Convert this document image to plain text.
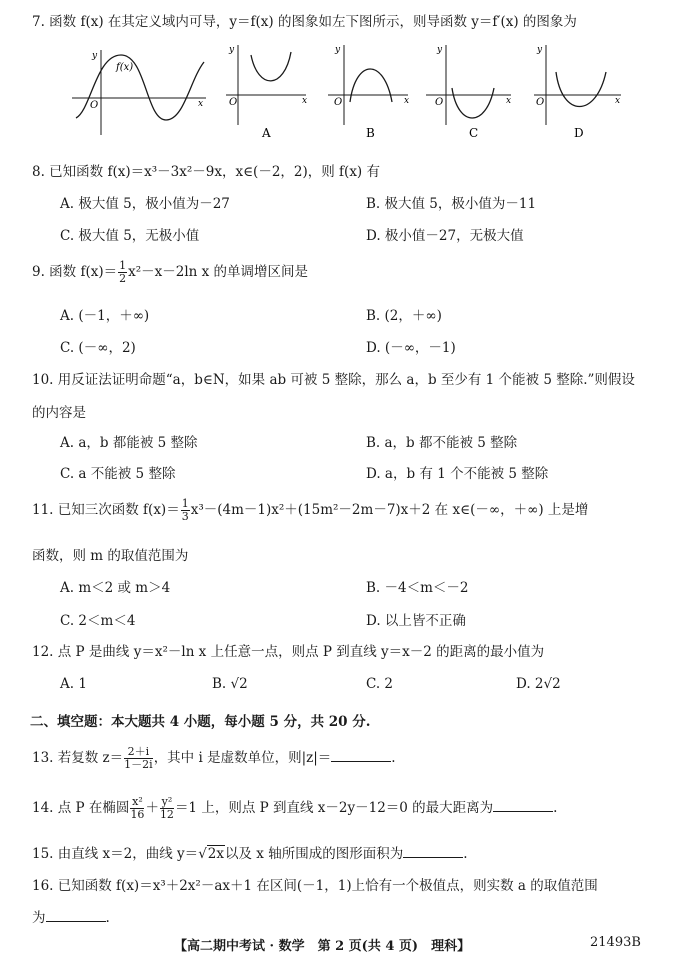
7. 函数 f(x) 在其定义域内可导，y＝f(x) 的图象如左下图所示，则导函数 y＝f′(x) 的图象为
f(x)
y
O	x
y
O	x
A
y
O	x
B
y
O	x
C
y
O	x
D
8. 已知函数 f(x)＝x³－3x²－9x，x∈(－2，2)，则 f(x) 有
A. 极大值 5，极小值为－27	B. 极大值 5，极小值为－11
C. 极大值 5，无极小值	D. 极小值－27，无极大值
9. 函数 $f(x)= \frac{1}{2} x^2-x-2\ln$ x 的单调增区间是
A. (－1，＋∞)	B. (2，＋∞)
C. (－∞，2)	D. (－∞，－1)
10. 用反证法证明命题“a，b∈N，如果 ab 可被 5 整除，那么 a，b 至少有 1 个能被 5 整除.”则假设
的内容是
A. a，b 都能被 5 整除	B. a，b 都不能被 5 整除
C. a 不能被 5 整除	D. a，b 有 1 个不能被 5 整除
11. 已知三次函数 $f(x)= \frac{1}{3} x^3-(4m-1)x^2+(15m^2-2m-7)x+2$ 在 x∈(－∞，＋∞) 上是增
函数，则 m 的取值范围为
A. m＜2 或 m＞4	B. －4＜m＜－2
C. 2＜m＜4	D. 以上皆不正确
12. 点 P 是曲线 y＝x²－ln x 上任意一点，则点 P 到直线 y＝x－2 的距离的最小值为
A. 1	B. √2	C. 2	D. 2√2
二、填空题：本大题共 4 小题，每小题 5 分，共 20 分.
13. 若复数 $z= \frac{2+i}{1-2i}$ ，其中 i 是虚数单位，则|z|＝	.
14. 点 P 在椭圆 $\frac{\text{x²}}{16} + \frac{\text{y²}}{12} =1$ 上，则点 P 到直线 x－2y－12＝0 的最大距离为	.
15. 由直线 x＝2，曲线 y＝√2x以及 x 轴所围成的图形面积为	.
16. 已知函数 f(x)＝x³＋2x²－ax＋1 在区间(－1，1)上恰有一个极值点，则实数 a 的取值范围
为	.
【高二期中考试 · 数学　第 2 页(共 4 页)　理科】	21493B
